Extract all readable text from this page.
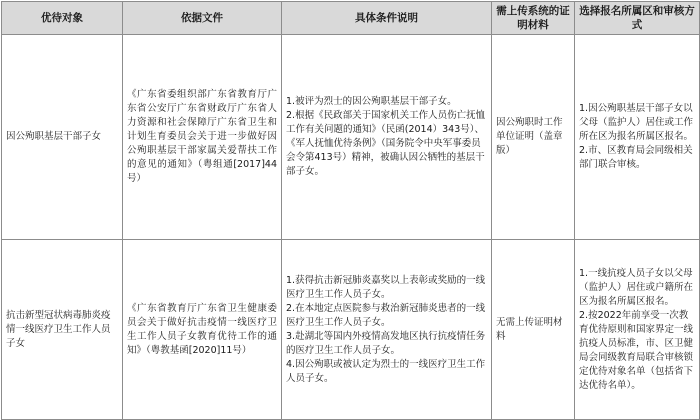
优待对象	依据文件	具体条件说明	需上传系统的证明材料	选择报名所属区和审核方式
因公殉职基层干部子女	《广东省委组织部广东省教育厅广东省公安厅广东省财政厅广东省人力资源和社会保障厅广东省卫生和计划生育委员会关于进一步做好因公殉职基层干部家属关爱帮扶工作的意见的通知》（粤组通[2017]44号）	1.被评为烈士的因公殉职基层干部子女。
2.根据《民政部关于国家机关工作人员伤亡抚恤工作有关问题的通知》（民函(2014）343号）、《军人抚恤优待条例》（国务院令中央军事委员会令第413号）精神，被确认因公牺牲的基层干部子女。	因公殉职时工作单位证明（盖章版）	1.因公殉职基层干部子女以父母（监护人）居住或工作所在区为报名所属区报名。
2.市、区教育局会同级相关部门联合审核。

抗击新型冠状病毒肺炎疫情一线医疗卫生工作人员子女	《广东省教育厅广东省卫生健康委员会关于做好抗击疫情一线医疗卫生工作人员子女教育优待工作的通知》（粤教基函[2020]11号）	1.获得抗击新冠肺炎嘉奖以上表彰或奖励的一线医疗卫生工作人员子女。
2.在本地定点医院参与救治新冠肺炎患者的一线医疗卫生工作人员子女。
3.赴湖北等国内外疫情高发地区执行抗疫情任务的医疗卫生工作人员子女。
4.因公殉职或被认定为烈士的一线医疗卫生工作人员子女。	无需上传证明材料	1.一线抗疫人员子女以父母（监护人）居住或户籍所在区为报名所属区报名。
2.按2022年前享受一次教育优待原则和国家界定一线抗疫人员标准，市、区卫健局会同级教育局联合审核锁定优待对象名单（包括省下达优待名单）。
